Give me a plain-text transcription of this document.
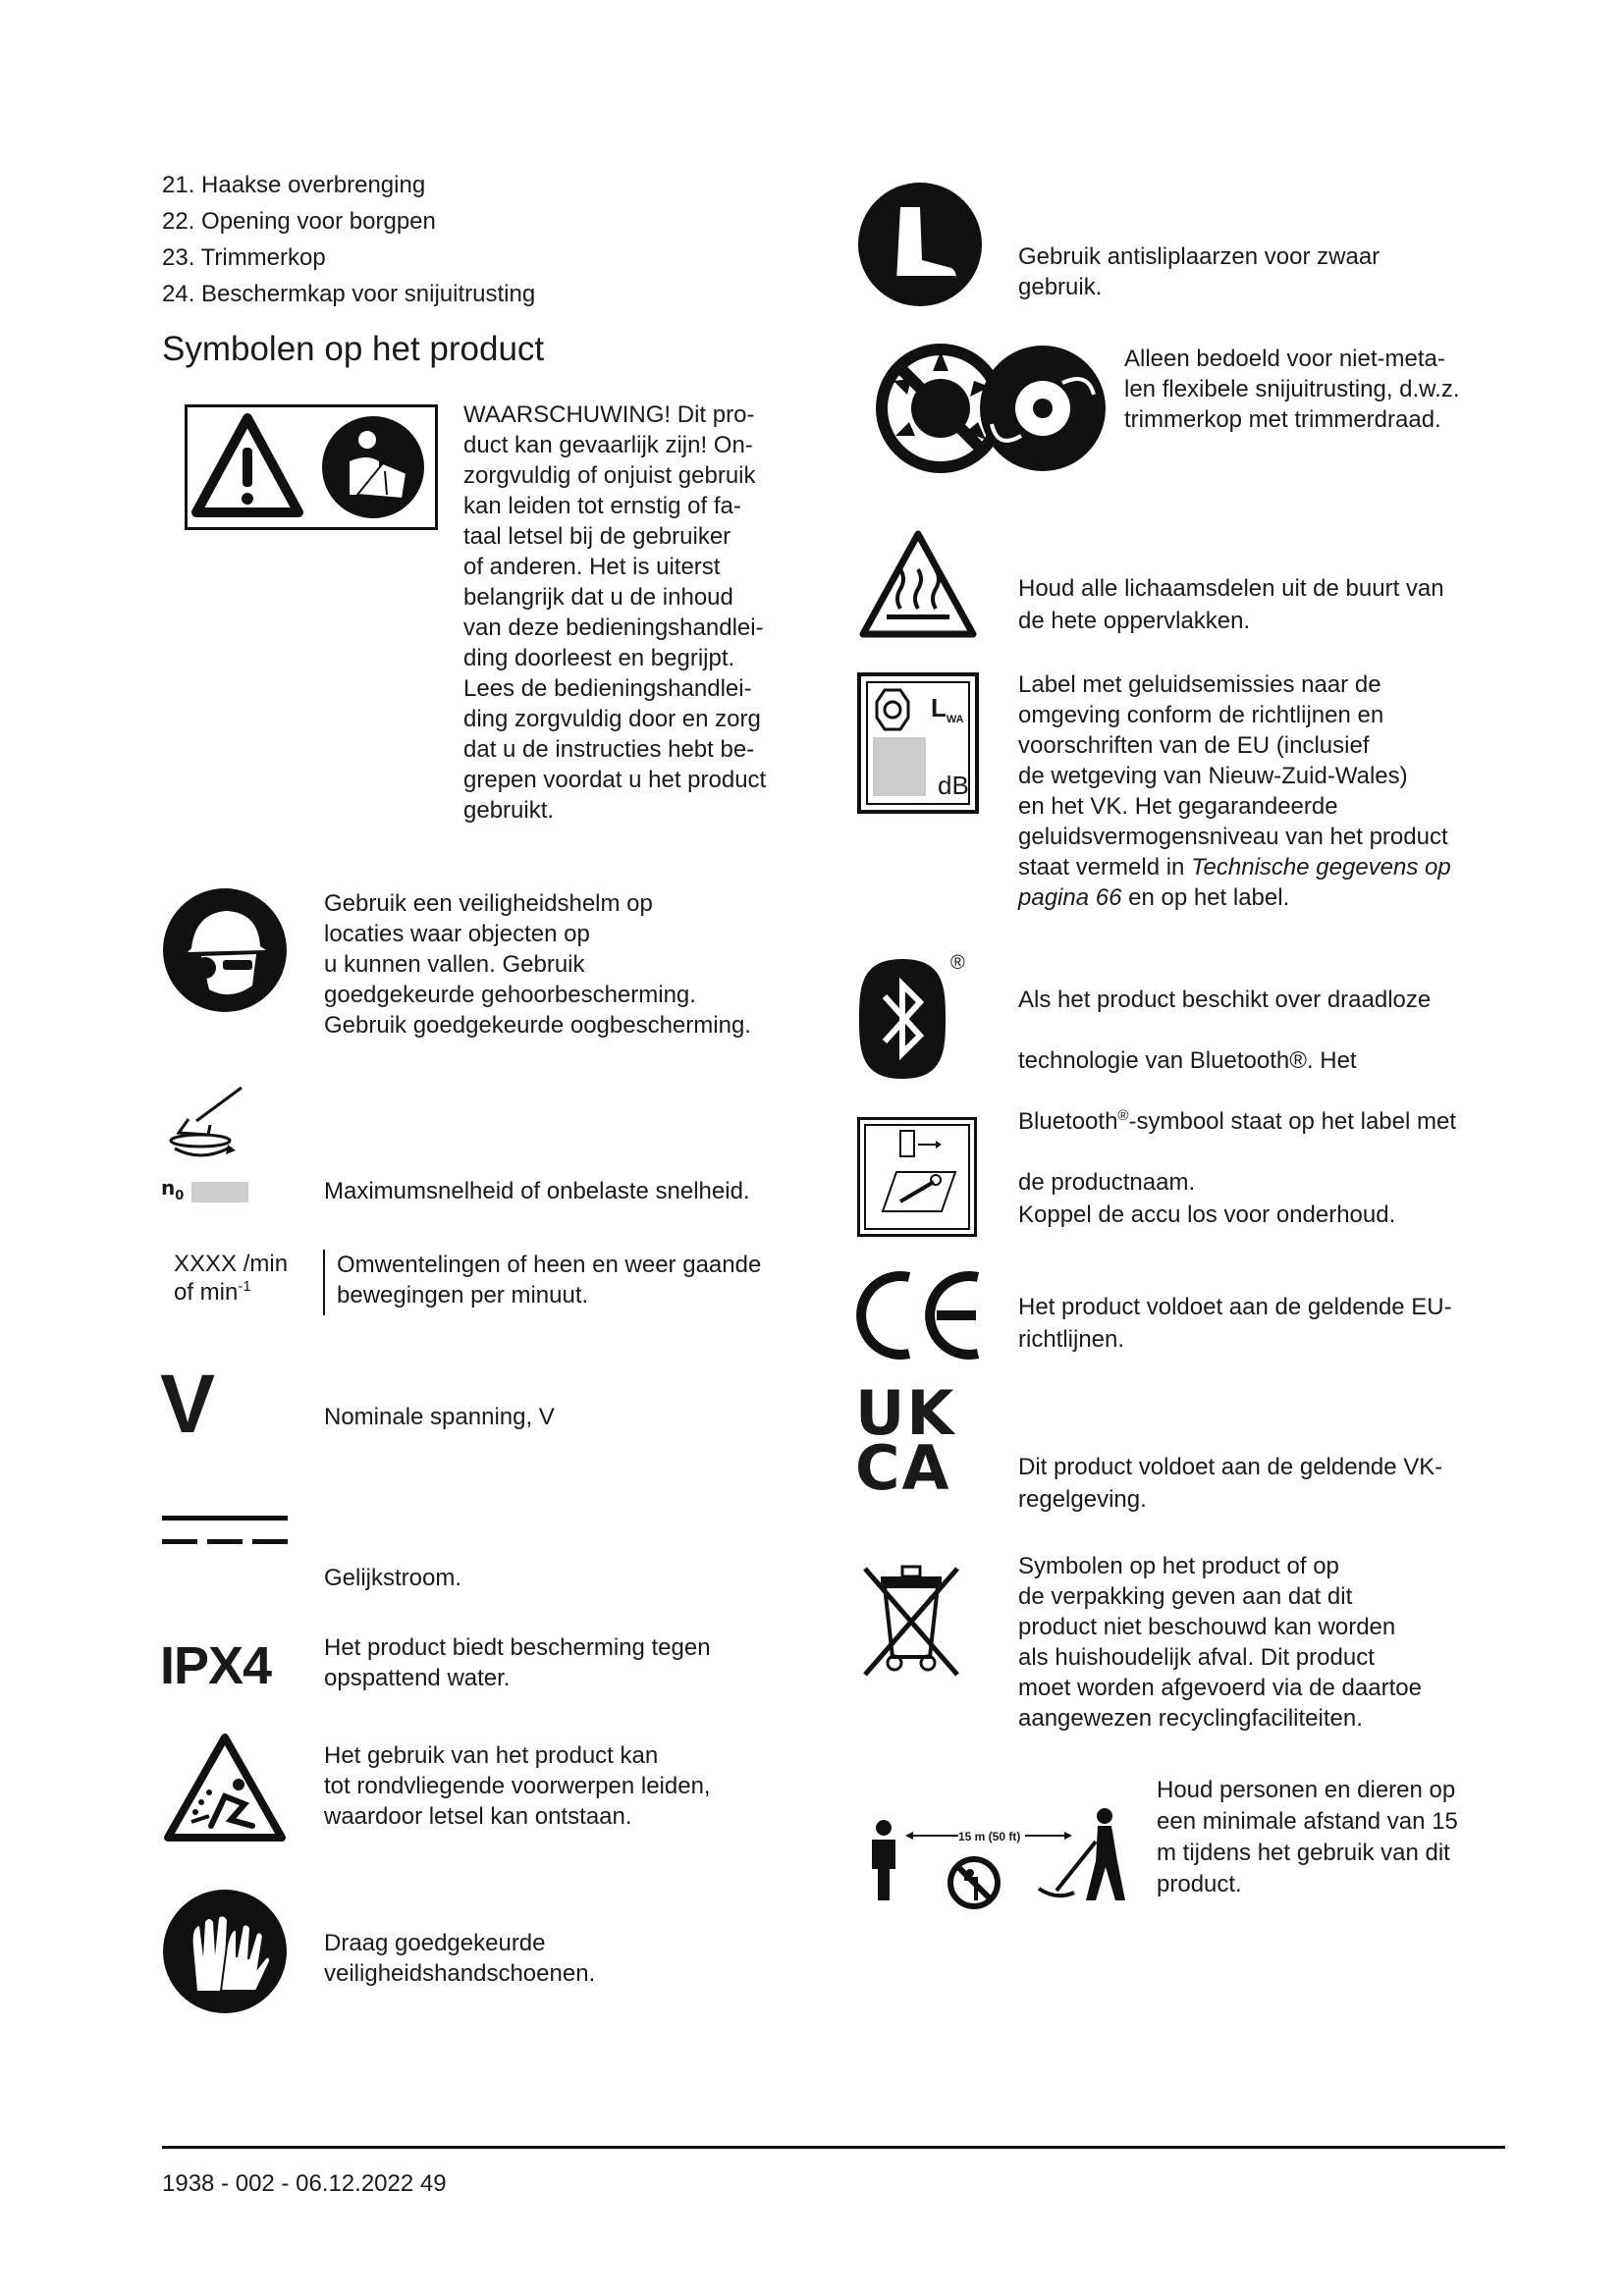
21. Haakse overbrenging
22. Opening voor borgpen
23. Trimmerkop
24. Beschermkap voor snijuitrusting
Symbolen op het product
WAARSCHUWING! Dit pro-
duct kan gevaarlijk zijn! On-
zorgvuldig of onjuist gebruik
kan leiden tot ernstig of fa-
taal letsel bij de gebruiker
of anderen. Het is uiterst
belangrijk dat u de inhoud
van deze bedieningshandlei-
ding doorleest en begrijpt.
Lees de bedieningshandlei-
ding zorgvuldig door en zorg
dat u de instructies hebt be-
grepen voordat u het product
gebruikt.
Gebruik een veiligheidshelm op
locaties waar objecten op
u kunnen vallen. Gebruik
goedgekeurde gehoorbescherming.
Gebruik goedgekeurde oogbescherming.
$n_0$	Maximumsnelheid of onbelaste snelheid.
XXXX /min
of $\min^{-1}$
Omwentelingen of heen en weer gaande
bewegingen per minuut.
V	Nominale spanning, V
Gelijkstroom.
IPX4 Het product biedt bescherming tegen
opspattend water.
Het gebruik van het product kan
tot rondvliegende voorwerpen leiden,
waardoor letsel kan ontstaan.
Draag goedgekeurde
veiligheidshandschoenen.
Gebruik antisliplaarzen voor zwaar
gebruik.
Alleen bedoeld voor niet-meta-
len flexibele snijuitrusting, d.w.z.
trimmerkop met trimmerdraad.
Houd alle lichaamsdelen uit de buurt van
de hete oppervlakken.
$L_{WA}$
dB
Label met geluidsemissies naar de
omgeving conform de richtlijnen en
voorschriften van de EU (inclusief
de wetgeving van Nieuw-Zuid-Wales)
en het VK. Het gegarandeerde
geluidsvermogensniveau van het product
staat vermeld in Technische gegevens op
pagina 66 en op het label.
®

Als het product beschikt over draadloze

technologie van Bluetooth®. Het

Bluetooth®-symbool staat op het label met

de productnaam.

Koppel de accu los voor onderhoud.
Het product voldoet aan de geldende EU-
richtlijnen.
UK
CA	Dit product voldoet aan de geldende VK-
regelgeving.
Symbolen op het product of op
de verpakking geven aan dat dit
product niet beschouwd kan worden
als huishoudelijk afval. Dit product
moet worden afgevoerd via de daartoe
aangewezen recyclingfaciliteiten.
15 m (50 ft)
Houd personen en dieren op
een minimale afstand van 15
m tijdens het gebruik van dit
product.
1938 - 002 - 06.12.2022 49
